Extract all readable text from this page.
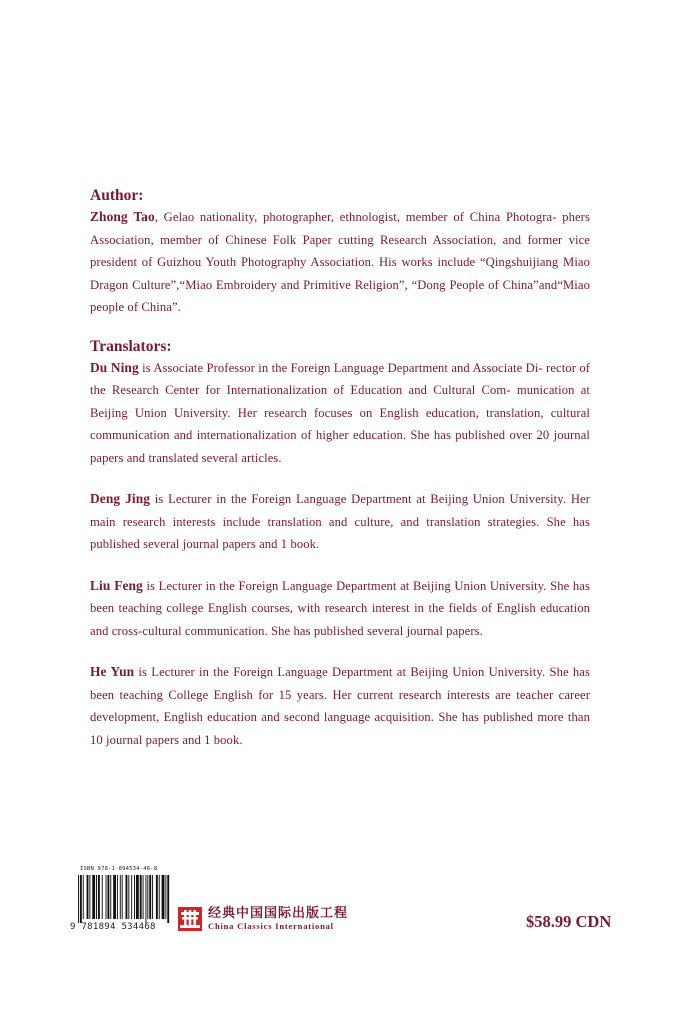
Author:

Zhong Tao, Gelao nationality, photographer, ethnologist, member of China Photogra- phers Association, member of Chinese Folk Paper cutting Research Association, and former vice president of Guizhou Youth Photography Association. His works include “Qingshuijiang Miao Dragon Culture”,“Miao Embroidery and Primitive Religion”, “Dong People of China”and“Miao people of China”.

Translators:

Du Ning is Associate Professor in the Foreign Language Department and Associate Di- rector of the Research Center for Internationalization of Education and Cultural Com- munication at Beijing Union University. Her research focuses on English education, translation, cultural communication and internationalization of higher education. She has published over 20 journal papers and translated several articles.

Deng Jing is Lecturer in the Foreign Language Department at Beijing Union University. Her main research interests include translation and culture, and translation strategies. She has published several journal papers and 1 book.

Liu Feng is Lecturer in the Foreign Language Department at Beijing Union University. She has been teaching college English courses, with research interest in the fields of English education and cross-cultural communication. She has published several journal papers.

He Yun is Lecturer in the Foreign Language Department at Beijing Union University. She has been teaching College English for 15 years. Her current research interests are teacher career development, English education and second language acquisition. She has published more than 10 journal papers and 1 book.

ISBN 978-1-894534-46-8
9 781894 534468
经典中国国际出版工程
China Classics International	$58.99 CDN
